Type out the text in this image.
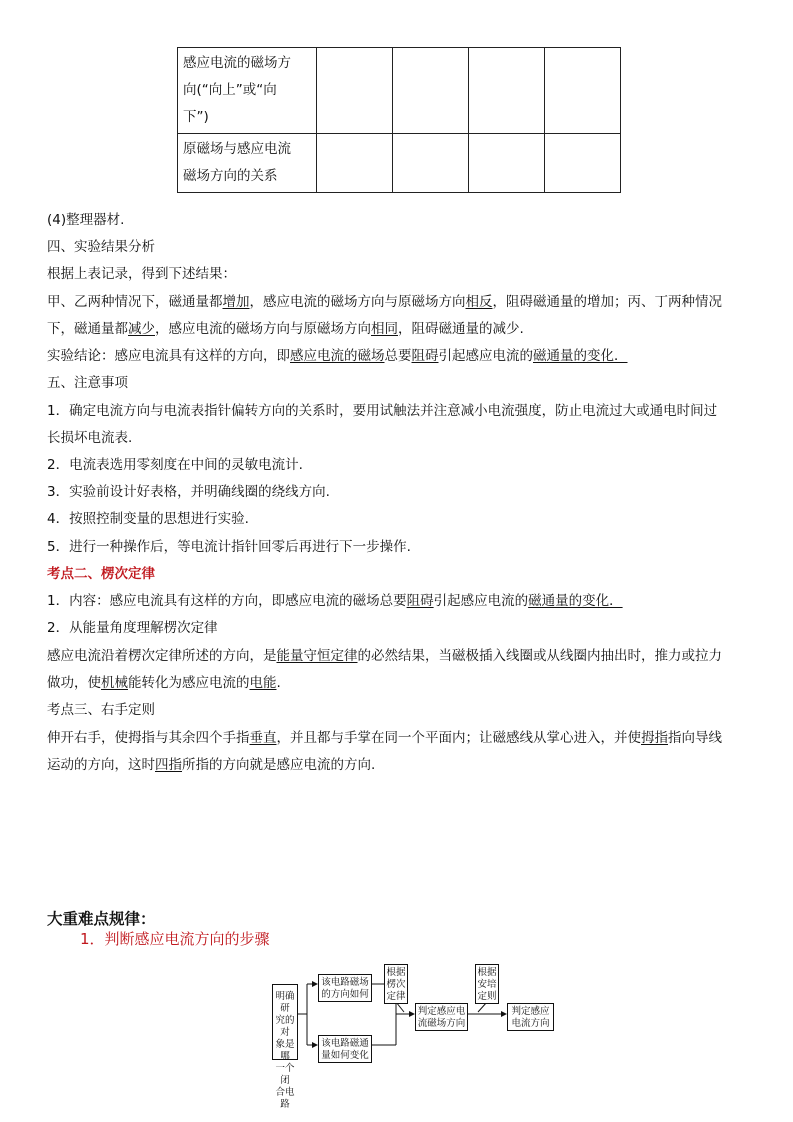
感应电流的磁场方
向(“向上”或“向
下”)				

原磁场与感应电流
磁场方向的关系				

(4)整理器材.
四、实验结果分析
根据上表记录，得到下述结果：
甲、乙两种情况下，磁通量都增加，感应电流的磁场方向与原磁场方向相反，阻碍磁通量的增加；丙、丁两种情况
下，磁通量都减少，感应电流的磁场方向与原磁场方向相同，阻碍磁通量的减少.
实验结论：感应电流具有这样的方向，即感应电流的磁场总要阻碍引起感应电流的磁通量的变化．
五、注意事项
1．确定电流方向与电流表指针偏转方向的关系时，要用试触法并注意减小电流强度，防止电流过大或通电时间过
长损坏电流表.
2．电流表选用零刻度在中间的灵敏电流计.
3．实验前设计好表格，并明确线圈的绕线方向.
4．按照控制变量的思想进行实验.
5．进行一种操作后，等电流计指针回零后再进行下一步操作.
考点二、楞次定律
1．内容：感应电流具有这样的方向，即感应电流的磁场总要阻碍引起感应电流的磁通量的变化．
2．从能量角度理解楞次定律
感应电流沿着楞次定律所述的方向，是能量守恒定律的必然结果，当磁极插入线圈或从线圈内抽出时，推力或拉力
做功，使机械能转化为感应电流的电能.
考点三、右手定则
伸开右手，使拇指与其余四个手指垂直，并且都与手掌在同一个平面内；让磁感线从掌心进入，并使拇指指向导线
运动的方向，这时四指所指的方向就是感应电流的方向.
大重难点规律：
1．判断感应电流方向的步骤
明确研
究的对
象是哪
一个闭
合电路
该电路磁场
的方向如何
该电路磁通
量如何变化
根据
楞次
定律
判定感应电
流磁场方向
根据
安培
定则
判定感应
电流方向
